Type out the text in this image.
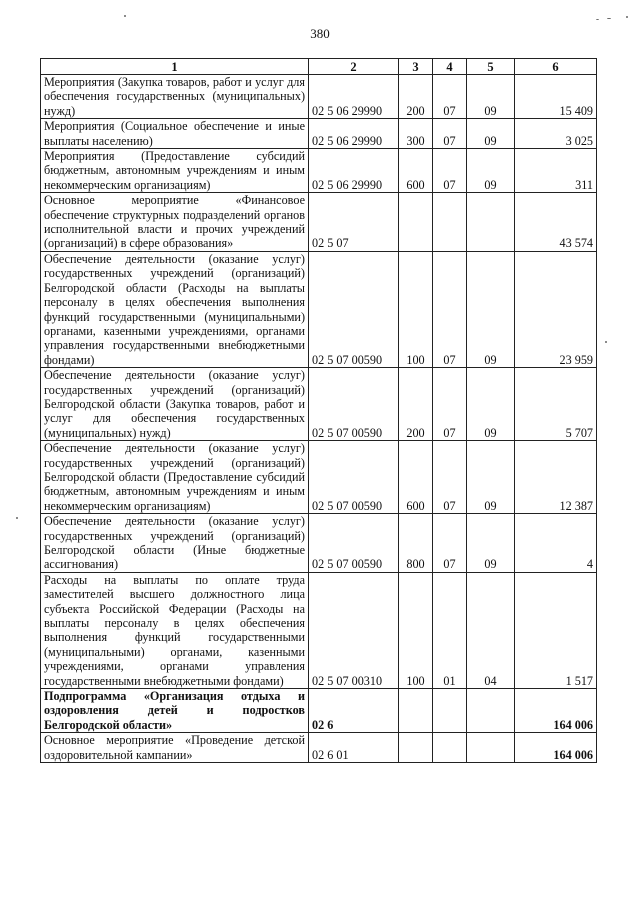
380
1	2	3	4	5	6
Мероприятия (Закупка товаров, работ и услуг для обеспечения государственных (муниципальных) нужд)	02 5 06 29990	200	07	09	15 409
Мероприятия (Социальное обеспечение и иные выплаты населению)	02 5 06 29990	300	07	09	3 025
Мероприятия (Предоставление субсидий бюджетным, автономным учреждениям и иным некоммерческим организациям)	02 5 06 29990	600	07	09	311
Основное мероприятие «Финансовое обеспечение структурных подразделений органов исполнительной власти и прочих учреждений (организаций) в сфере образования»	02 5 07				43 574
Обеспечение деятельности (оказание услуг) государственных учреждений (организаций) Белгородской области (Расходы на выплаты персоналу в целях обеспечения выполнения функций государственными (муниципальными) органами, казенными учреждениями, органами управления государственными внебюджетными фондами)	02 5 07 00590	100	07	09	23 959
Обеспечение деятельности (оказание услуг) государственных учреждений (организаций) Белгородской области (Закупка товаров, работ и услуг для обеспечения государственных (муниципальных) нужд)	02 5 07 00590	200	07	09	5 707
Обеспечение деятельности (оказание услуг) государственных учреждений (организаций) Белгородской области (Предоставление субсидий бюджетным, автономным учреждениям и иным некоммерческим организациям)	02 5 07 00590	600	07	09	12 387
Обеспечение деятельности (оказание услуг) государственных учреждений (организаций) Белгородской области (Иные бюджетные ассигнования)	02 5 07 00590	800	07	09	4
Расходы на выплаты по оплате труда заместителей высшего должностного лица субъекта Российской Федерации (Расходы на выплаты персоналу в целях обеспечения выполнения функций государственными (муниципальными) органами, казенными учреждениями, органами управления государственными внебюджетными фондами)	02 5 07 00310	100	01	04	1 517
Подпрограмма «Организация отдыха и оздоровления детей и подростков Белгородской области»	02 6				164 006
Основное мероприятие «Проведение детской оздоровительной кампании»	02 6 01				164 006
